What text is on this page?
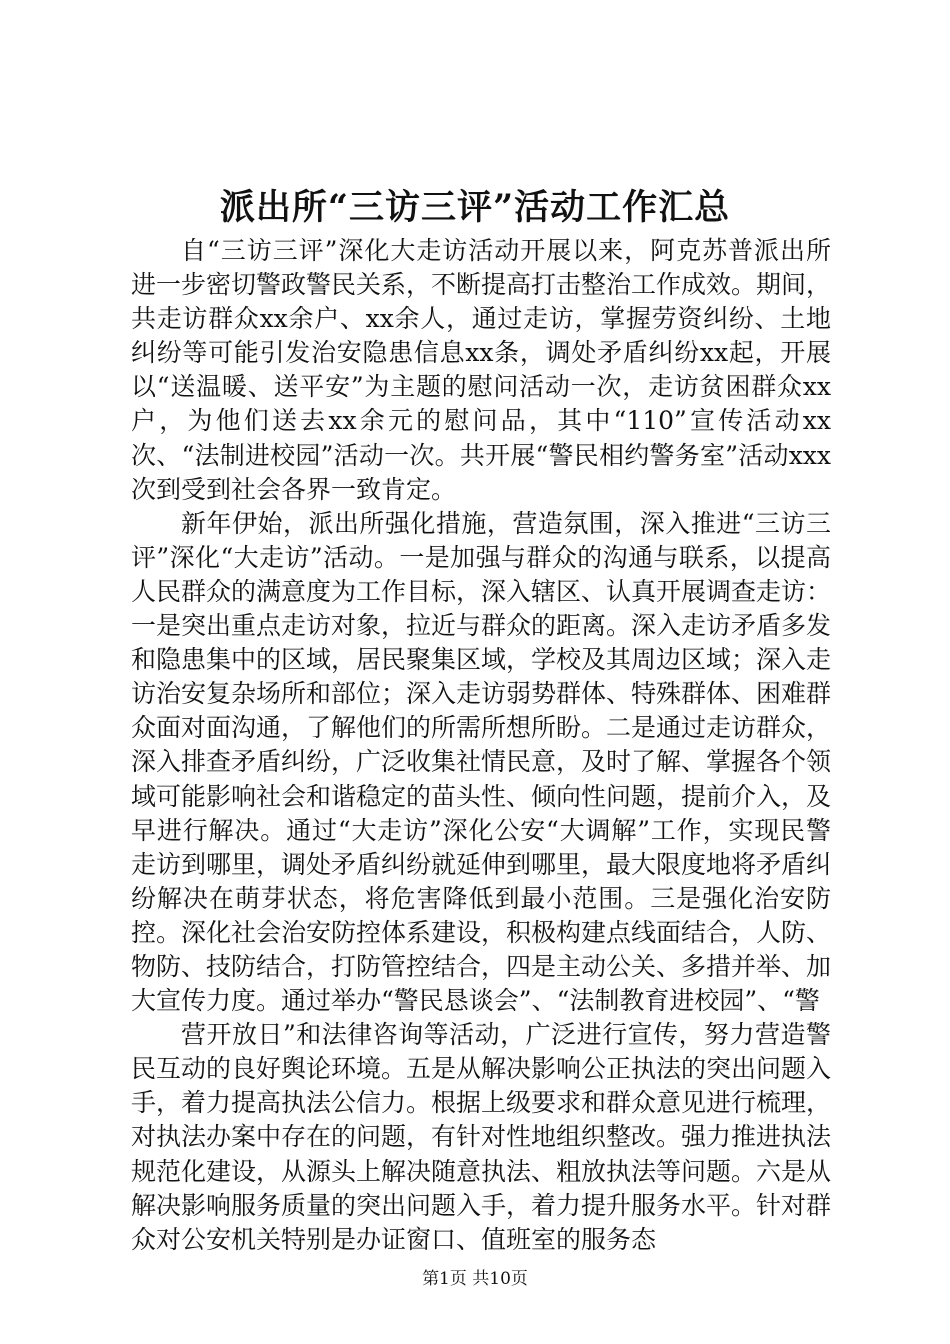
派出所“三访三评”活动工作汇总

自“三访三评”深化大走访活动开展以来，阿克苏普派出所进一步密切警政警民关系，不断提高打击整治工作成效。期间，共走访群众xx余户、xx余人，通过走访，掌握劳资纠纷、土地纠纷等可能引发治安隐患信息xx条，调处矛盾纠纷xx起，开展以“送温暖、送平安”为主题的慰问活动一次，走访贫困群众xx户，为他们送去xx余元的慰问品，其中“110”宣传活动xx次、“法制进校园”活动一次。共开展“警民相约警务室”活动xxx次到受到社会各界一致肯定。

新年伊始，派出所强化措施，营造氛围，深入推进“三访三评”深化“大走访”活动。一是加强与群众的沟通与联系，以提高人民群众的满意度为工作目标，深入辖区、认真开展调查走访：一是突出重点走访对象，拉近与群众的距离。深入走访矛盾多发和隐患集中的区域，居民聚集区域，学校及其周边区域；深入走访治安复杂场所和部位；深入走访弱势群体、特殊群体、困难群众面对面沟通，了解他们的所需所想所盼。二是通过走访群众，深入排查矛盾纠纷，广泛收集社情民意，及时了解、掌握各个领域可能影响社会和谐稳定的苗头性、倾向性问题，提前介入，及早进行解决。通过“大走访”深化公安“大调解”工作，实现民警走访到哪里，调处矛盾纠纷就延伸到哪里，最大限度地将矛盾纠纷解决在萌芽状态，将危害降低到最小范围。三是强化治安防控。深化社会治安防控体系建设，积极构建点线面结合，人防、物防、技防结合，打防管控结合，四是主动公关、多措并举、加大宣传力度。通过举办“警民恳谈会”、“法制教育进校园”、“警

营开放日”和法律咨询等活动，广泛进行宣传，努力营造警民互动的良好舆论环境。五是从解决影响公正执法的突出问题入手，着力提高执法公信力。根据上级要求和群众意见进行梳理，对执法办案中存在的问题，有针对性地组织整改。强力推进执法规范化建设，从源头上解决随意执法、粗放执法等问题。六是从解决影响服务质量的突出问题入手，着力提升服务水平。针对群众对公安机关特别是办证窗口、值班室的服务态

第1页 共10页
